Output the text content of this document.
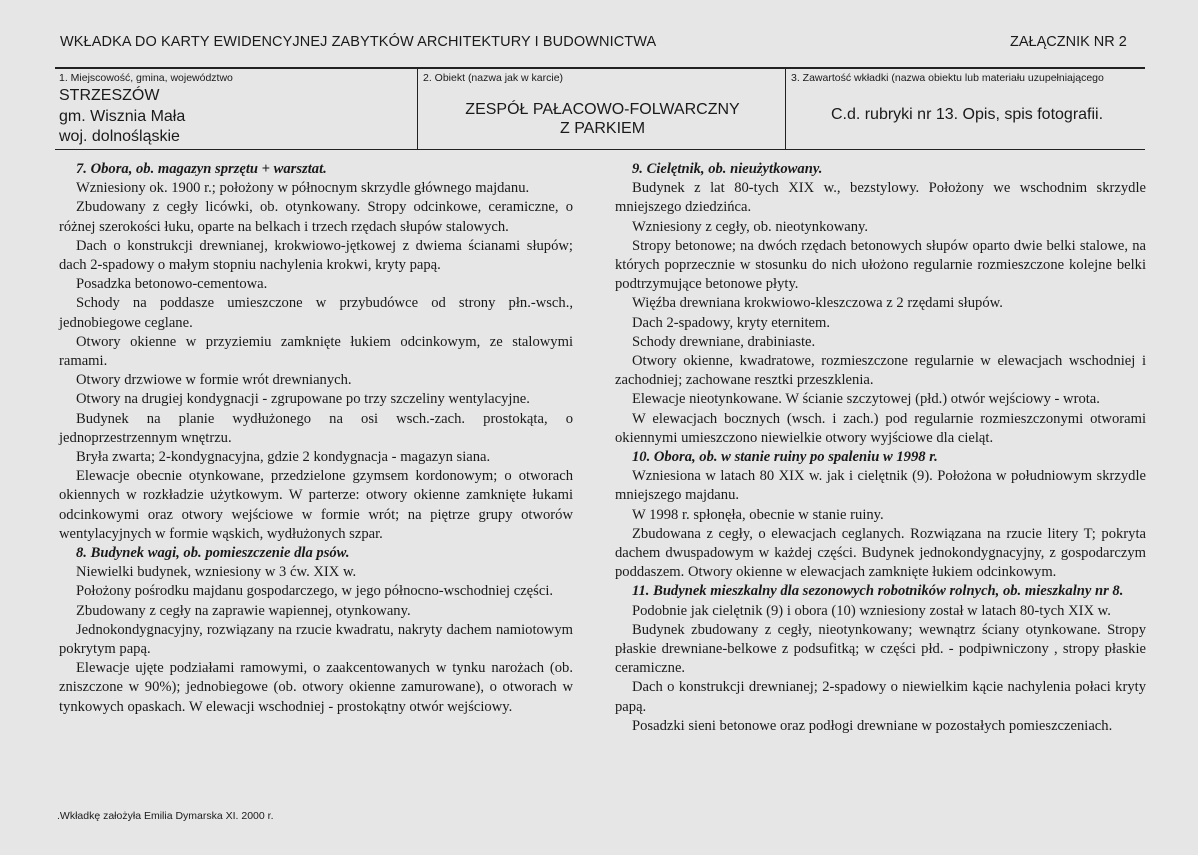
WKŁADKA DO KARTY EWIDENCYJNEJ ZABYTKÓW ARCHITEKTURY I BUDOWNICTWA	ZAŁĄCZNIK NR 2
1. Miejscowość, gmina, województwo
STRZESZÓW
gm. Wisznia Mała
woj. dolnośląskie
2. Obiekt (nazwa jak w karcie)
ZESPÓŁ PAŁACOWO-FOLWARCZNY
Z PARKIEM
3. Zawartość wkładki (nazwa obiektu lub materiału uzupełniającego
C.d. rubryki nr 13. Opis, spis fotografii.

7. Obora, ob. magazyn sprzętu + warsztat.

Wzniesiony ok. 1900 r.; położony w północnym skrzydle głównego majdanu.

Zbudowany z cegły licówki, ob. otynkowany. Stropy odcinkowe, ceramiczne, o różnej szerokości łuku, oparte na belkach i trzech rzędach słupów stalowych.

Dach o konstrukcji drewnianej, krokwiowo-jętkowej z dwiema ścianami słupów; dach 2-spadowy o małym stopniu nachylenia krokwi, kryty papą.

Posadzka betonowo-cementowa.

Schody na poddasze umieszczone w przybudówce od strony płn.-wsch., jednobiegowe ceglane.

Otwory okienne w przyziemiu zamknięte łukiem odcinkowym, ze stalowymi ramami.

Otwory drzwiowe w formie wrót drewnianych.

Otwory na drugiej kondygnacji - zgrupowane po trzy szczeliny wentylacyjne.

Budynek na planie wydłużonego na osi wsch.-zach. prostokąta, o jednoprzestrzennym wnętrzu.

Bryła zwarta; 2-kondygnacyjna, gdzie 2 kondygnacja - magazyn siana.

Elewacje obecnie otynkowane, przedzielone gzymsem kordonowym; o otworach okiennych w rozkładzie użytkowym. W parterze: otwory okienne zamknięte łukami odcinkowymi oraz otwory wejściowe w formie wrót; na piętrze grupy otworów wentylacyjnych w formie wąskich, wydłużonych szpar.

8. Budynek wagi, ob. pomieszczenie dla psów.

Niewielki budynek, wzniesiony w 3 ćw. XIX w.

Położony pośrodku majdanu gospodarczego, w jego północno-wschodniej części.

Zbudowany z cegły na zaprawie wapiennej, otynkowany.

Jednokondygnacyjny, rozwiązany na rzucie kwadratu, nakryty dachem namiotowym pokrytym papą.

Elewacje ujęte podziałami ramowymi, o zaakcentowanych w tynku narożach (ob. zniszczone w 90%); jednobiegowe (ob. otwory okienne zamurowane), o otworach w tynkowych opaskach. W elewacji wschodniej - prostokątny otwór wejściowy.

9. Cielętnik, ob. nieużytkowany.

Budynek z lat 80-tych XIX w., bezstylowy. Położony we wschodnim skrzydle mniejszego dziedzińca.

Wzniesiony z cegły, ob. nieotynkowany.

Stropy betonowe; na dwóch rzędach betonowych słupów oparto dwie belki stalowe, na których poprzecznie w stosunku do nich ułożono regularnie rozmieszczone kolejne belki podtrzymujące betonowe płyty.

Więźba drewniana krokwiowo-kleszczowa z 2 rzędami słupów.

Dach 2-spadowy, kryty eternitem.

Schody drewniane, drabiniaste.

Otwory okienne, kwadratowe, rozmieszczone regularnie w elewacjach wschodniej i zachodniej; zachowane resztki przeszklenia.

Elewacje nieotynkowane. W ścianie szczytowej (płd.) otwór wejściowy - wrota.

W elewacjach bocznych (wsch. i zach.) pod regularnie rozmieszczonymi otworami okiennymi umieszczono niewielkie otwory wyjściowe dla cieląt.

10. Obora, ob. w stanie ruiny po spaleniu w 1998 r.

Wzniesiona w latach 80 XIX w. jak i cielętnik (9). Położona w południowym skrzydle mniejszego majdanu.

W 1998 r. spłonęła, obecnie w stanie ruiny.

Zbudowana z cegły, o elewacjach ceglanych. Rozwiązana na rzucie litery T; pokryta dachem dwuspadowym w każdej części. Budynek jednokondygnacyjny, z gospodarczym poddaszem. Otwory okienne w elewacjach zamknięte łukiem odcinkowym.

11. Budynek mieszkalny dla sezonowych robotników rolnych, ob. mieszkalny nr 8.

Podobnie jak cielętnik (9) i obora (10) wzniesiony został w latach 80-tych XIX w.

Budynek zbudowany z cegły, nieotynkowany; wewnątrz ściany otynkowane. Stropy płaskie drewniane-belkowe z podsufitką; w części płd. - podpiwniczony , stropy płaskie ceramiczne.

Dach o konstrukcji drewnianej; 2-spadowy o niewielkim kącie nachylenia połaci kryty papą.

Posadzki sieni betonowe oraz podłogi drewniane w pozostałych pomieszczeniach.

.Wkładkę założyła Emilia Dymarska XI. 2000 r.
